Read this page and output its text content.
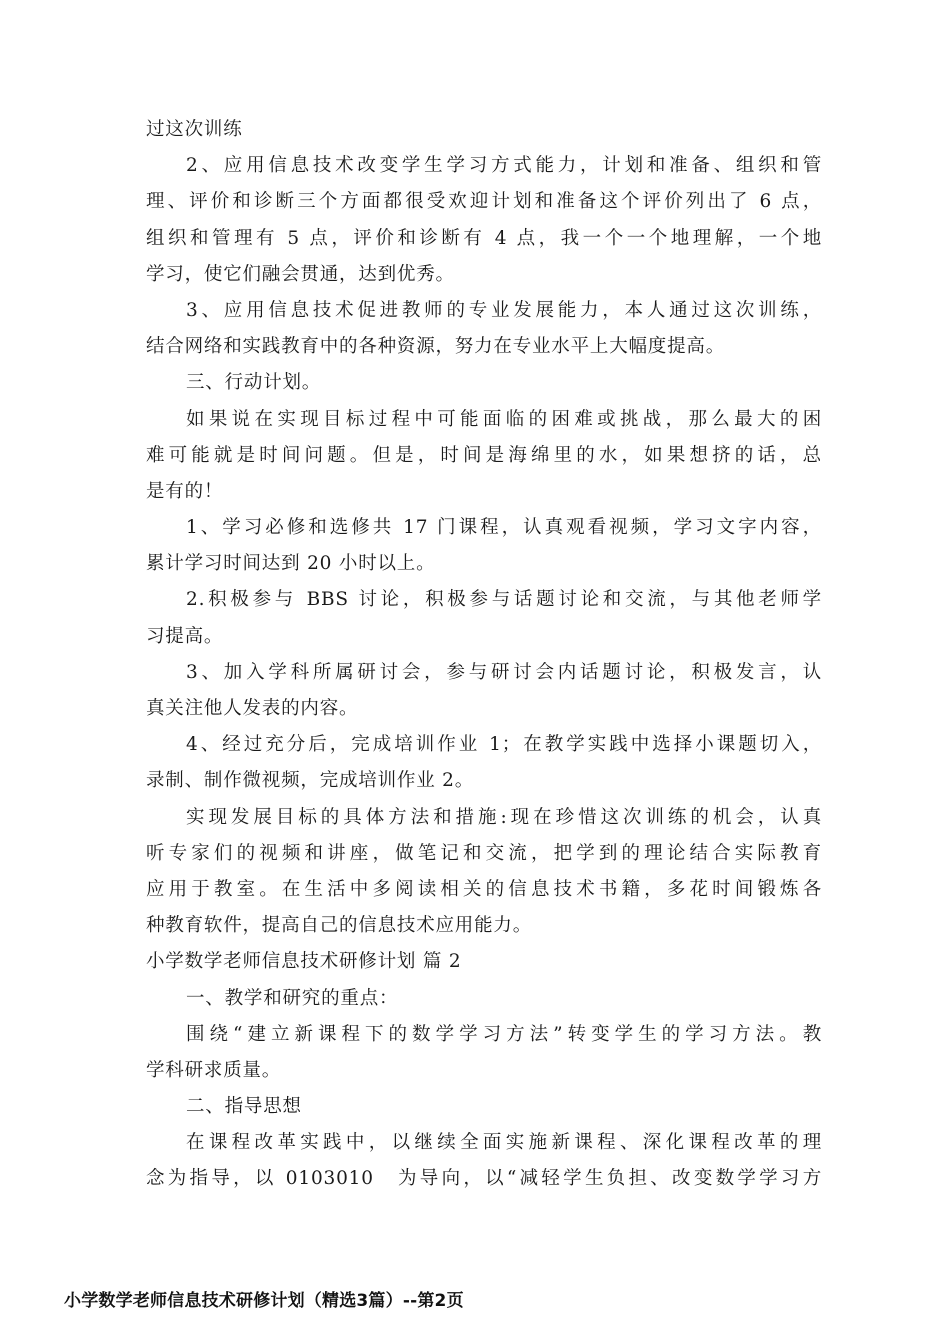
过这次训练
2、应用信息技术改变学生学习方式能力，计划和准备、组织和管
理、评价和诊断三个方面都很受欢迎计划和准备这个评价列出了 6 点，
组织和管理有 5 点，评价和诊断有 4 点，我一个一个地理解，一个地
学习，使它们融会贯通，达到优秀。
3、应用信息技术促进教师的专业发展能力，本人通过这次训练，
结合网络和实践教育中的各种资源，努力在专业水平上大幅度提高。
三、行动计划。
如果说在实现目标过程中可能面临的困难或挑战，那么最大的困
难可能就是时间问题。但是，时间是海绵里的水，如果想挤的话，总
是有的！
1、学习必修和选修共 17 门课程，认真观看视频，学习文字内容，
累计学习时间达到 20 小时以上。
2.积极参与 BBS 讨论，积极参与话题讨论和交流，与其他老师学
习提高。
3、加入学科所属研讨会，参与研讨会内话题讨论，积极发言，认
真关注他人发表的内容。
4、经过充分后，完成培训作业 1；在教学实践中选择小课题切入，
录制、制作微视频，完成培训作业 2。
实现发展目标的具体方法和措施:现在珍惜这次训练的机会，认真
听专家们的视频和讲座，做笔记和交流，把学到的理论结合实际教育
应用于教室。在生活中多阅读相关的信息技术书籍，多花时间锻炼各
种教育软件，提高自己的信息技术应用能力。
小学数学老师信息技术研修计划 篇 2
一、教学和研究的重点：
围绕“建立新课程下的数学学习方法”转变学生的学习方法。教
学科研求质量。
二、指导思想
在课程改革实践中，以继续全面实施新课程、深化课程改革的理
念为指导，以 0103010　为导向，以“减轻学生负担、改变数学学习方
小学数学老师信息技术研修计划（精选3篇）--第2页
